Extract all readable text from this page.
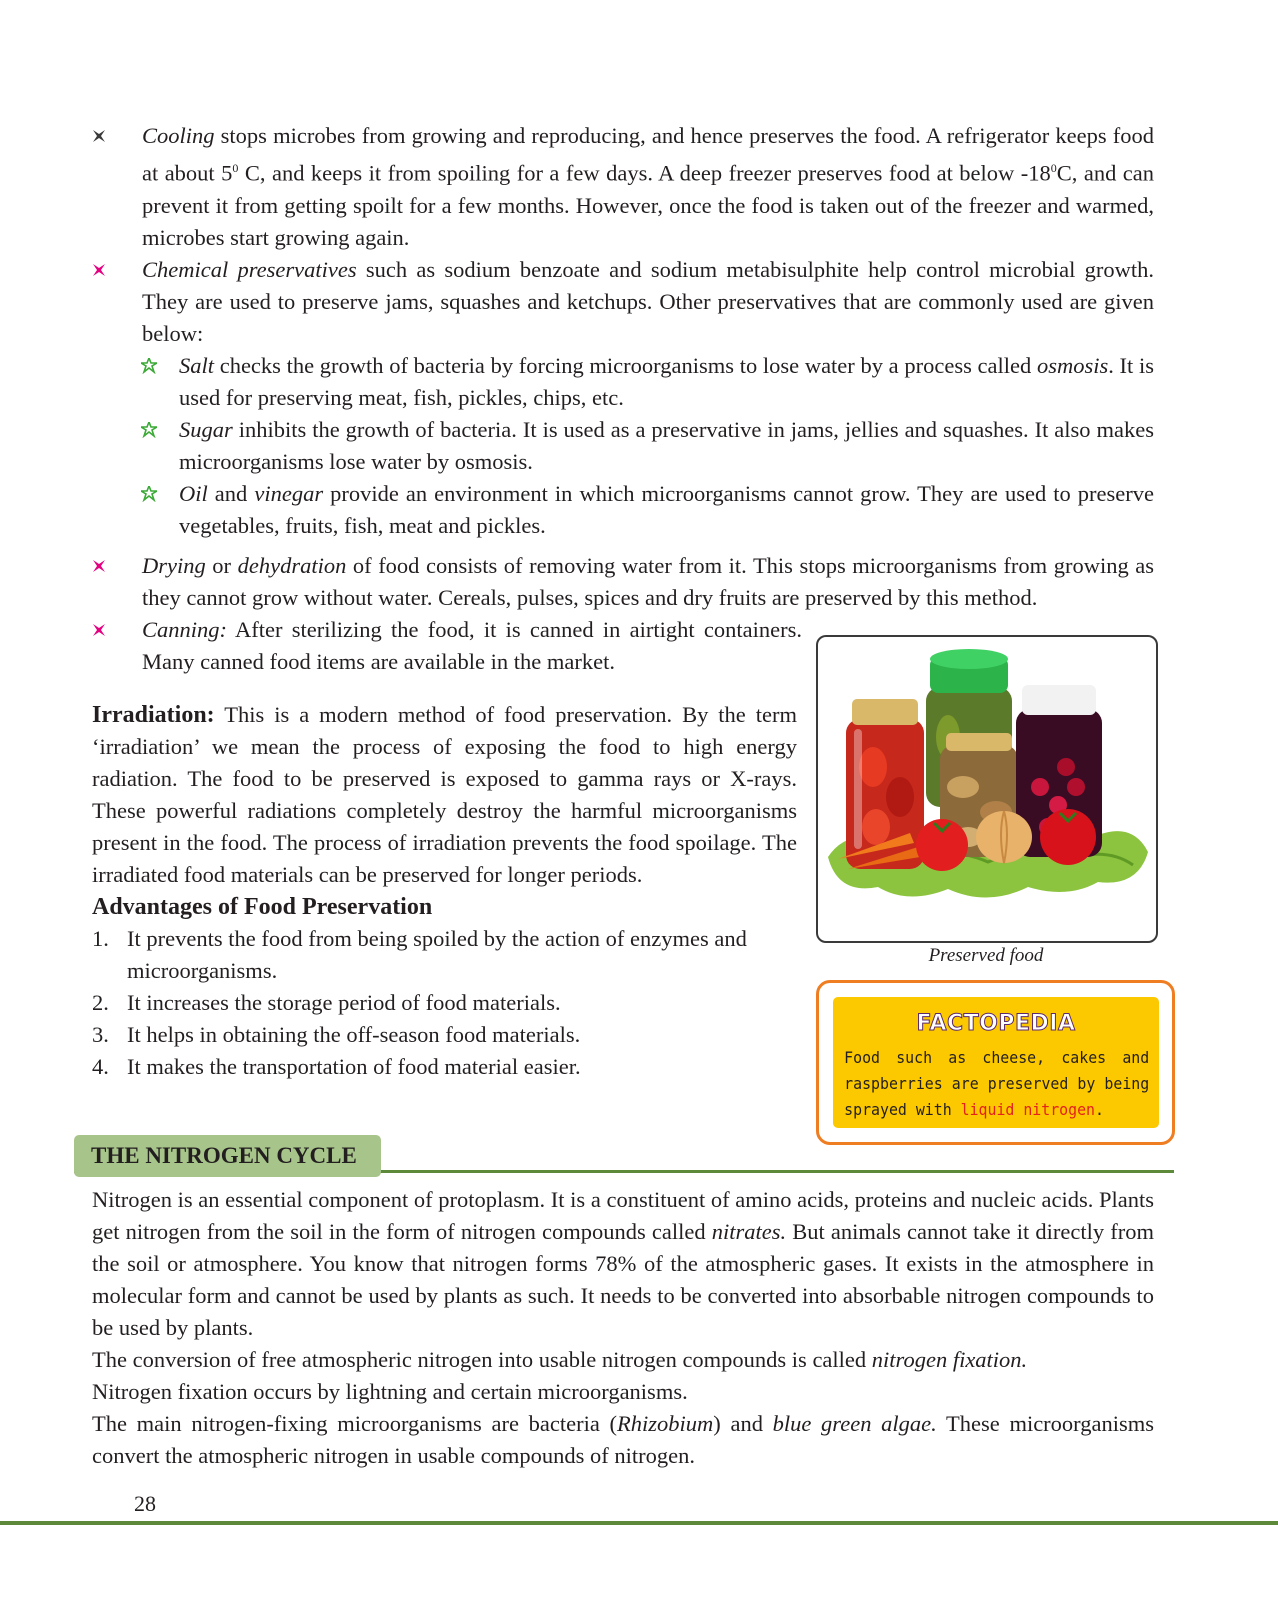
Cooling stops microbes from growing and reproducing, and hence preserves the food. A refrigerator keeps food at about $5^0$ C, and keeps it from spoiling for a few days. A deep freezer preserves food at below $-18^0C$, and can prevent it from getting spoilt for a few months. However, once the food is taken out of the freezer and warmed, microbes start growing again.

Chemical preservatives such as sodium benzoate and sodium metabisulphite help control microbial growth. They are used to preserve jams, squashes and ketchups. Other preservatives that are commonly used are given below:

Salt checks the growth of bacteria by forcing microorganisms to lose water by a process called osmosis. It is used for preserving meat, fish, pickles, chips, etc.

Sugar inhibits the growth of bacteria. It is used as a preservative in jams, jellies and squashes. It also makes microorganisms lose water by osmosis.

Oil and vinegar provide an environment in which microorganisms cannot grow. They are used to preserve vegetables, fruits, fish, meat and pickles.

Drying or dehydration of food consists of removing water from it. This stops microorganisms from growing as they cannot grow without water. Cereals, pulses, spices and dry fruits are preserved by this method.

Canning: After sterilizing the food, it is canned in airtight containers. Many canned food items are available in the market.

Irradiation: This is a modern method of food preservation. By the term ‘irradiation’ we mean the process of exposing the food to high energy radiation. The food to be preserved is exposed to gamma rays or X-rays. These powerful radiations completely destroy the harmful microorganisms present in the food. The process of irradiation prevents the food spoilage. The irradiated food materials can be preserved for longer periods.

Advantages of Food Preservation
1. It prevents the food from being spoiled by the action of enzymes and microorganisms.
2. It increases the storage period of food materials.
3. It helps in obtaining the off-season food materials.
4. It makes the transportation of food material easier.
Preserved food
FACTOPEDIA
Food such as cheese, cakes and raspberries are preserved by being sprayed with liquid nitrogen.
THE NITROGEN CYCLE

Nitrogen is an essential component of protoplasm. It is a constituent of amino acids, proteins and nucleic acids. Plants get nitrogen from the soil in the form of nitrogen compounds called nitrates. But animals cannot take it directly from the soil or atmosphere. You know that nitrogen forms 78% of the atmospheric gases. It exists in the atmosphere in molecular form and cannot be used by plants as such. It needs to be converted into absorbable nitrogen compounds to be used by plants.

The conversion of free atmospheric nitrogen into usable nitrogen compounds is called nitrogen fixation.

Nitrogen fixation occurs by lightning and certain microorganisms.

The main nitrogen-fixing microorganisms are bacteria (Rhizobium) and blue green algae. These microorganisms convert the atmospheric nitrogen in usable compounds of nitrogen.

28
